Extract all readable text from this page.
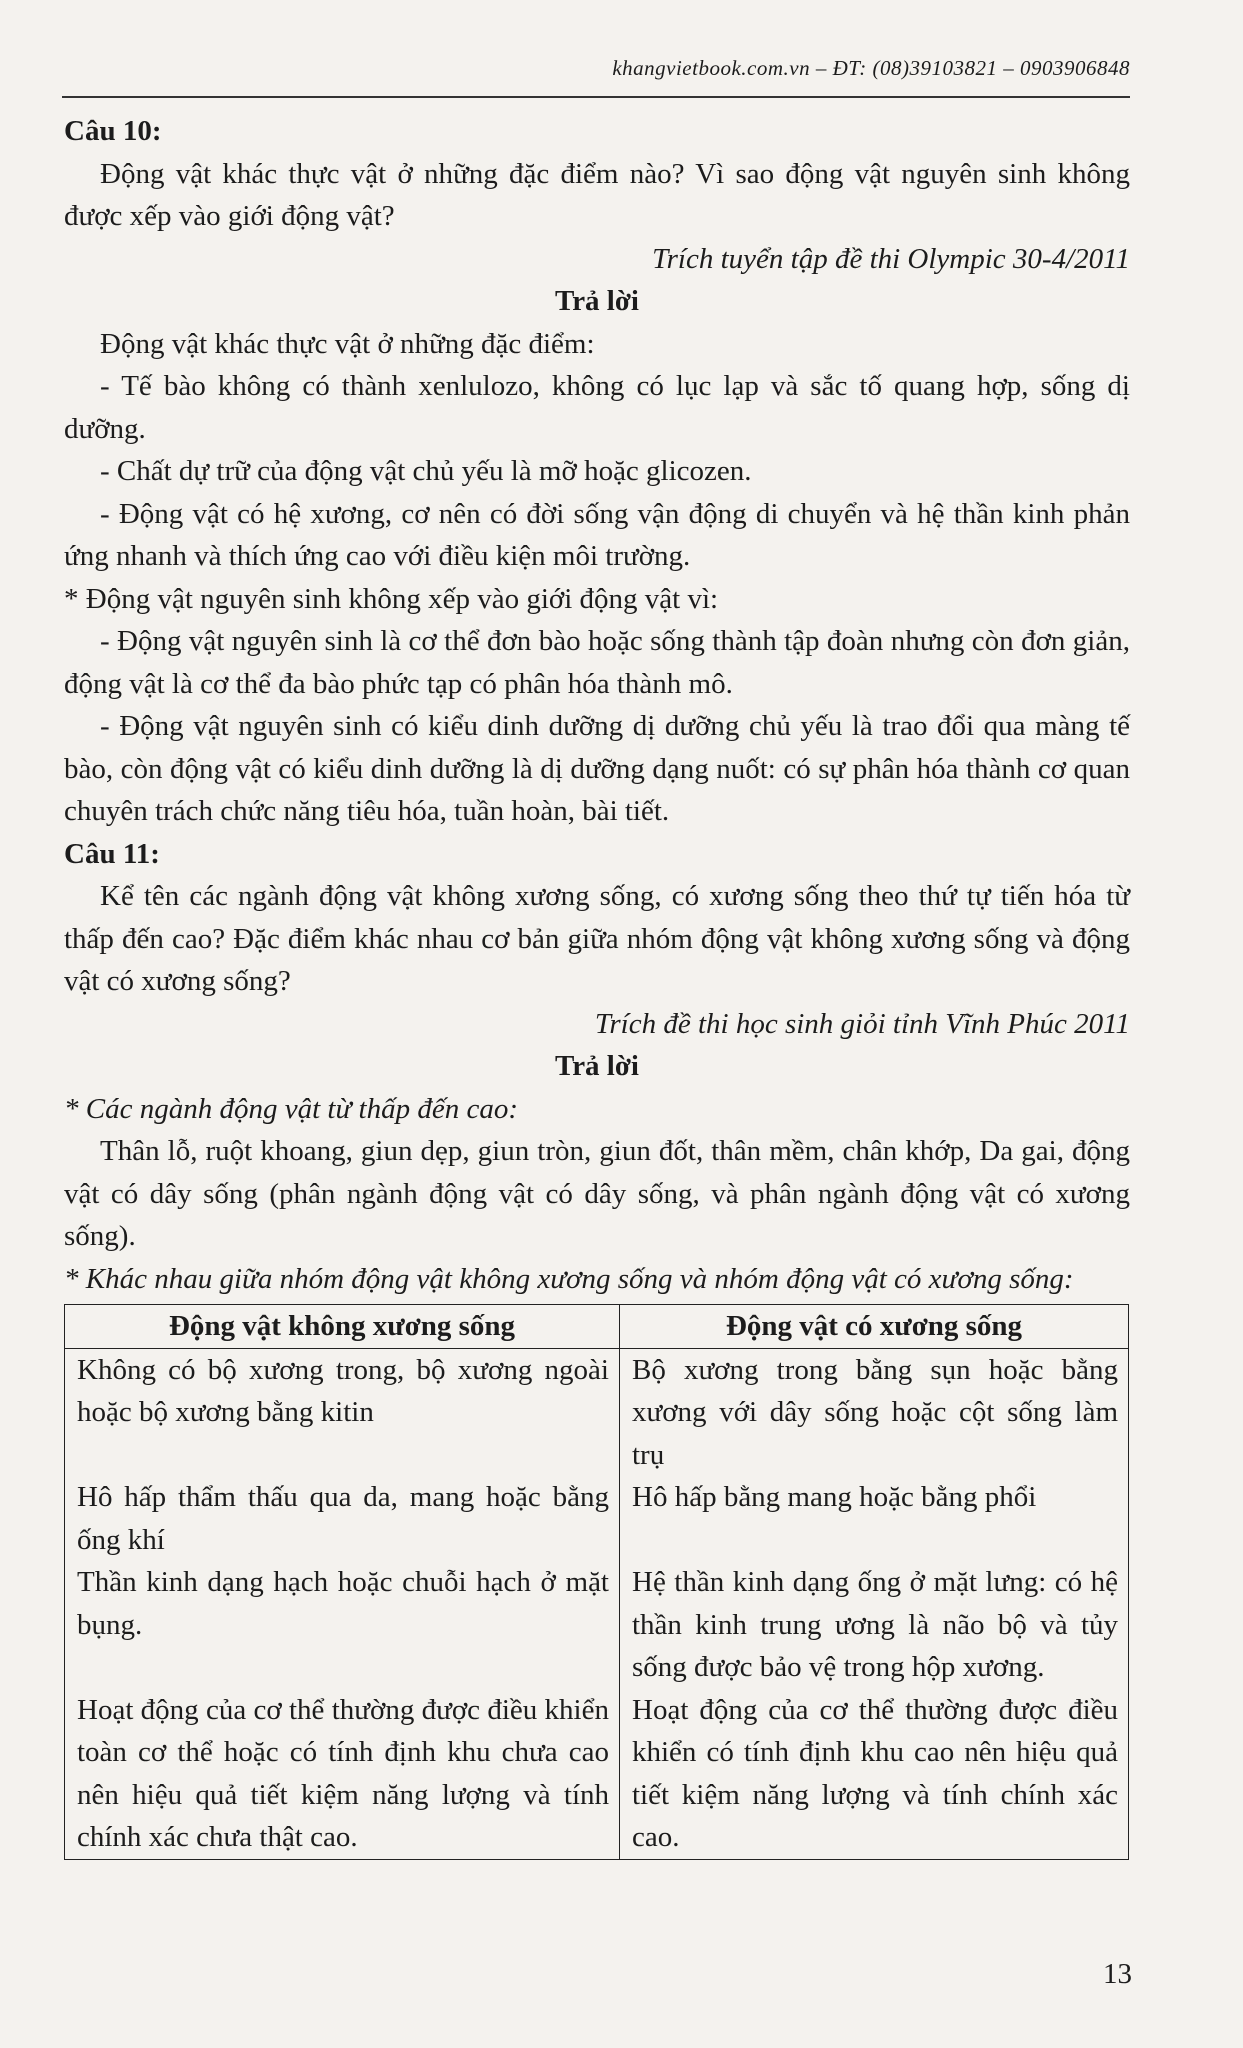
khangvietbook.com.vn – ĐT: (08)39103821 – 0903906848
Câu 10:
Động vật khác thực vật ở những đặc điểm nào? Vì sao động vật nguyên sinh không được xếp vào giới động vật?
Trích tuyển tập đề thi Olympic 30-4/2011
Trả lời
Động vật khác thực vật ở những đặc điểm:
- Tế bào không có thành xenlulozo, không có lục lạp và sắc tố quang hợp, sống dị dưỡng.
- Chất dự trữ của động vật chủ yếu là mỡ hoặc glicozen.
- Động vật có hệ xương, cơ nên có đời sống vận động di chuyển và hệ thần kinh phản ứng nhanh và thích ứng cao với điều kiện môi trường.
* Động vật nguyên sinh không xếp vào giới động vật vì:
- Động vật nguyên sinh là cơ thể đơn bào hoặc sống thành tập đoàn nhưng còn đơn giản, động vật là cơ thể đa bào phức tạp có phân hóa thành mô.
- Động vật nguyên sinh có kiểu dinh dưỡng dị dưỡng chủ yếu là trao đổi qua màng tế bào, còn động vật có kiểu dinh dưỡng là dị dưỡng dạng nuốt: có sự phân hóa thành cơ quan chuyên trách chức năng tiêu hóa, tuần hoàn, bài tiết.
Câu 11:
Kể tên các ngành động vật không xương sống, có xương sống theo thứ tự tiến hóa từ thấp đến cao? Đặc điểm khác nhau cơ bản giữa nhóm động vật không xương sống và động vật có xương sống?
Trích đề thi học sinh giỏi tỉnh Vĩnh Phúc 2011
Trả lời
* Các ngành động vật từ thấp đến cao:
Thân lỗ, ruột khoang, giun dẹp, giun tròn, giun đốt, thân mềm, chân khớp, Da gai, động vật có dây sống (phân ngành động vật có dây sống, và phân ngành động vật có xương sống).
* Khác nhau giữa nhóm động vật không xương sống và nhóm động vật có xương sống:
Động vật không xương sống	Động vật có xương sống
Không có bộ xương trong, bộ xương ngoài hoặc bộ xương bằng kitin	Bộ xương trong bằng sụn hoặc bằng xương với dây sống hoặc cột sống làm trụ
Hô hấp thẩm thấu qua da, mang hoặc bằng ống khí	Hô hấp bằng mang hoặc bằng phổi
Thần kinh dạng hạch hoặc chuỗi hạch ở mặt bụng.	Hệ thần kinh dạng ống ở mặt lưng: có hệ thần kinh trung ương là não bộ và tủy sống được bảo vệ trong hộp xương.
Hoạt động của cơ thể thường được điều khiển toàn cơ thể hoặc có tính định khu chưa cao nên hiệu quả tiết kiệm năng lượng và tính chính xác chưa thật cao.	Hoạt động của cơ thể thường được điều khiển có tính định khu cao nên hiệu quả tiết kiệm năng lượng và tính chính xác cao.
13
